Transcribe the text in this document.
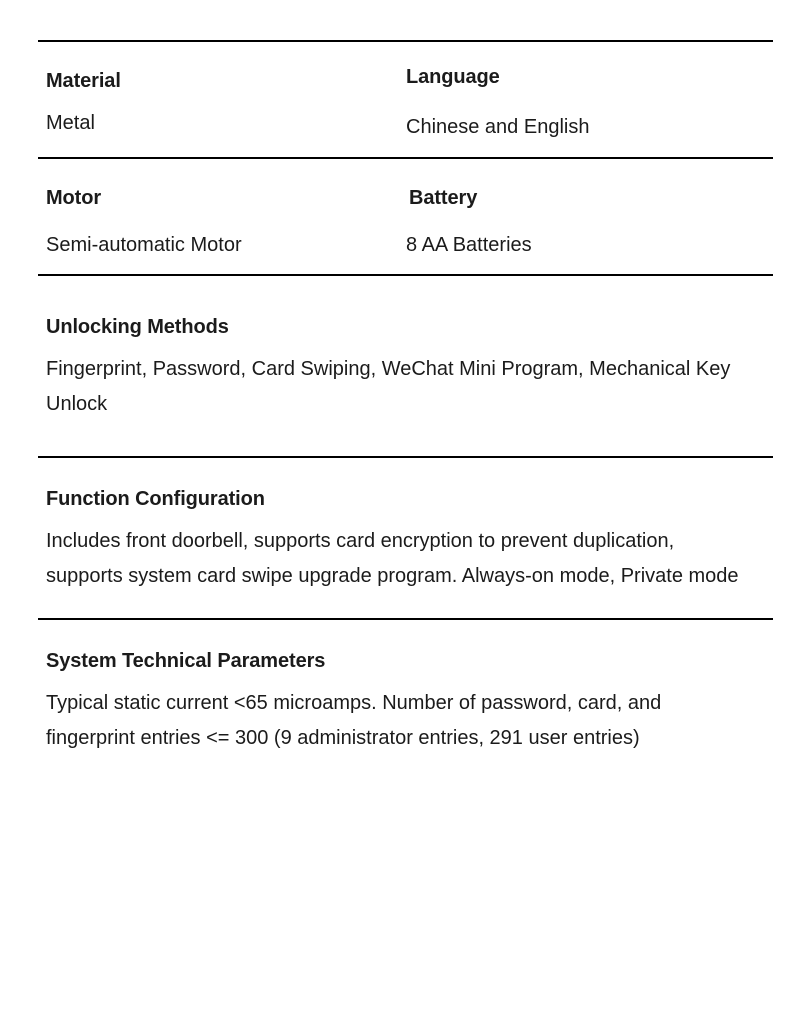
Material
Metal
Language
Chinese and English
Motor
Semi-automatic Motor
Battery
8 AA Batteries
Unlocking Methods
Fingerprint, Password, Card Swiping, WeChat Mini Program, Mechanical Key Unlock
Function Configuration
Includes front doorbell, supports card encryption to prevent duplication, supports system card swipe upgrade program. Always-on mode, Private mode
System Technical Parameters
Typical static current <65 microamps. Number of password, card, and fingerprint entries <= 300 (9 administrator entries, 291 user entries)
